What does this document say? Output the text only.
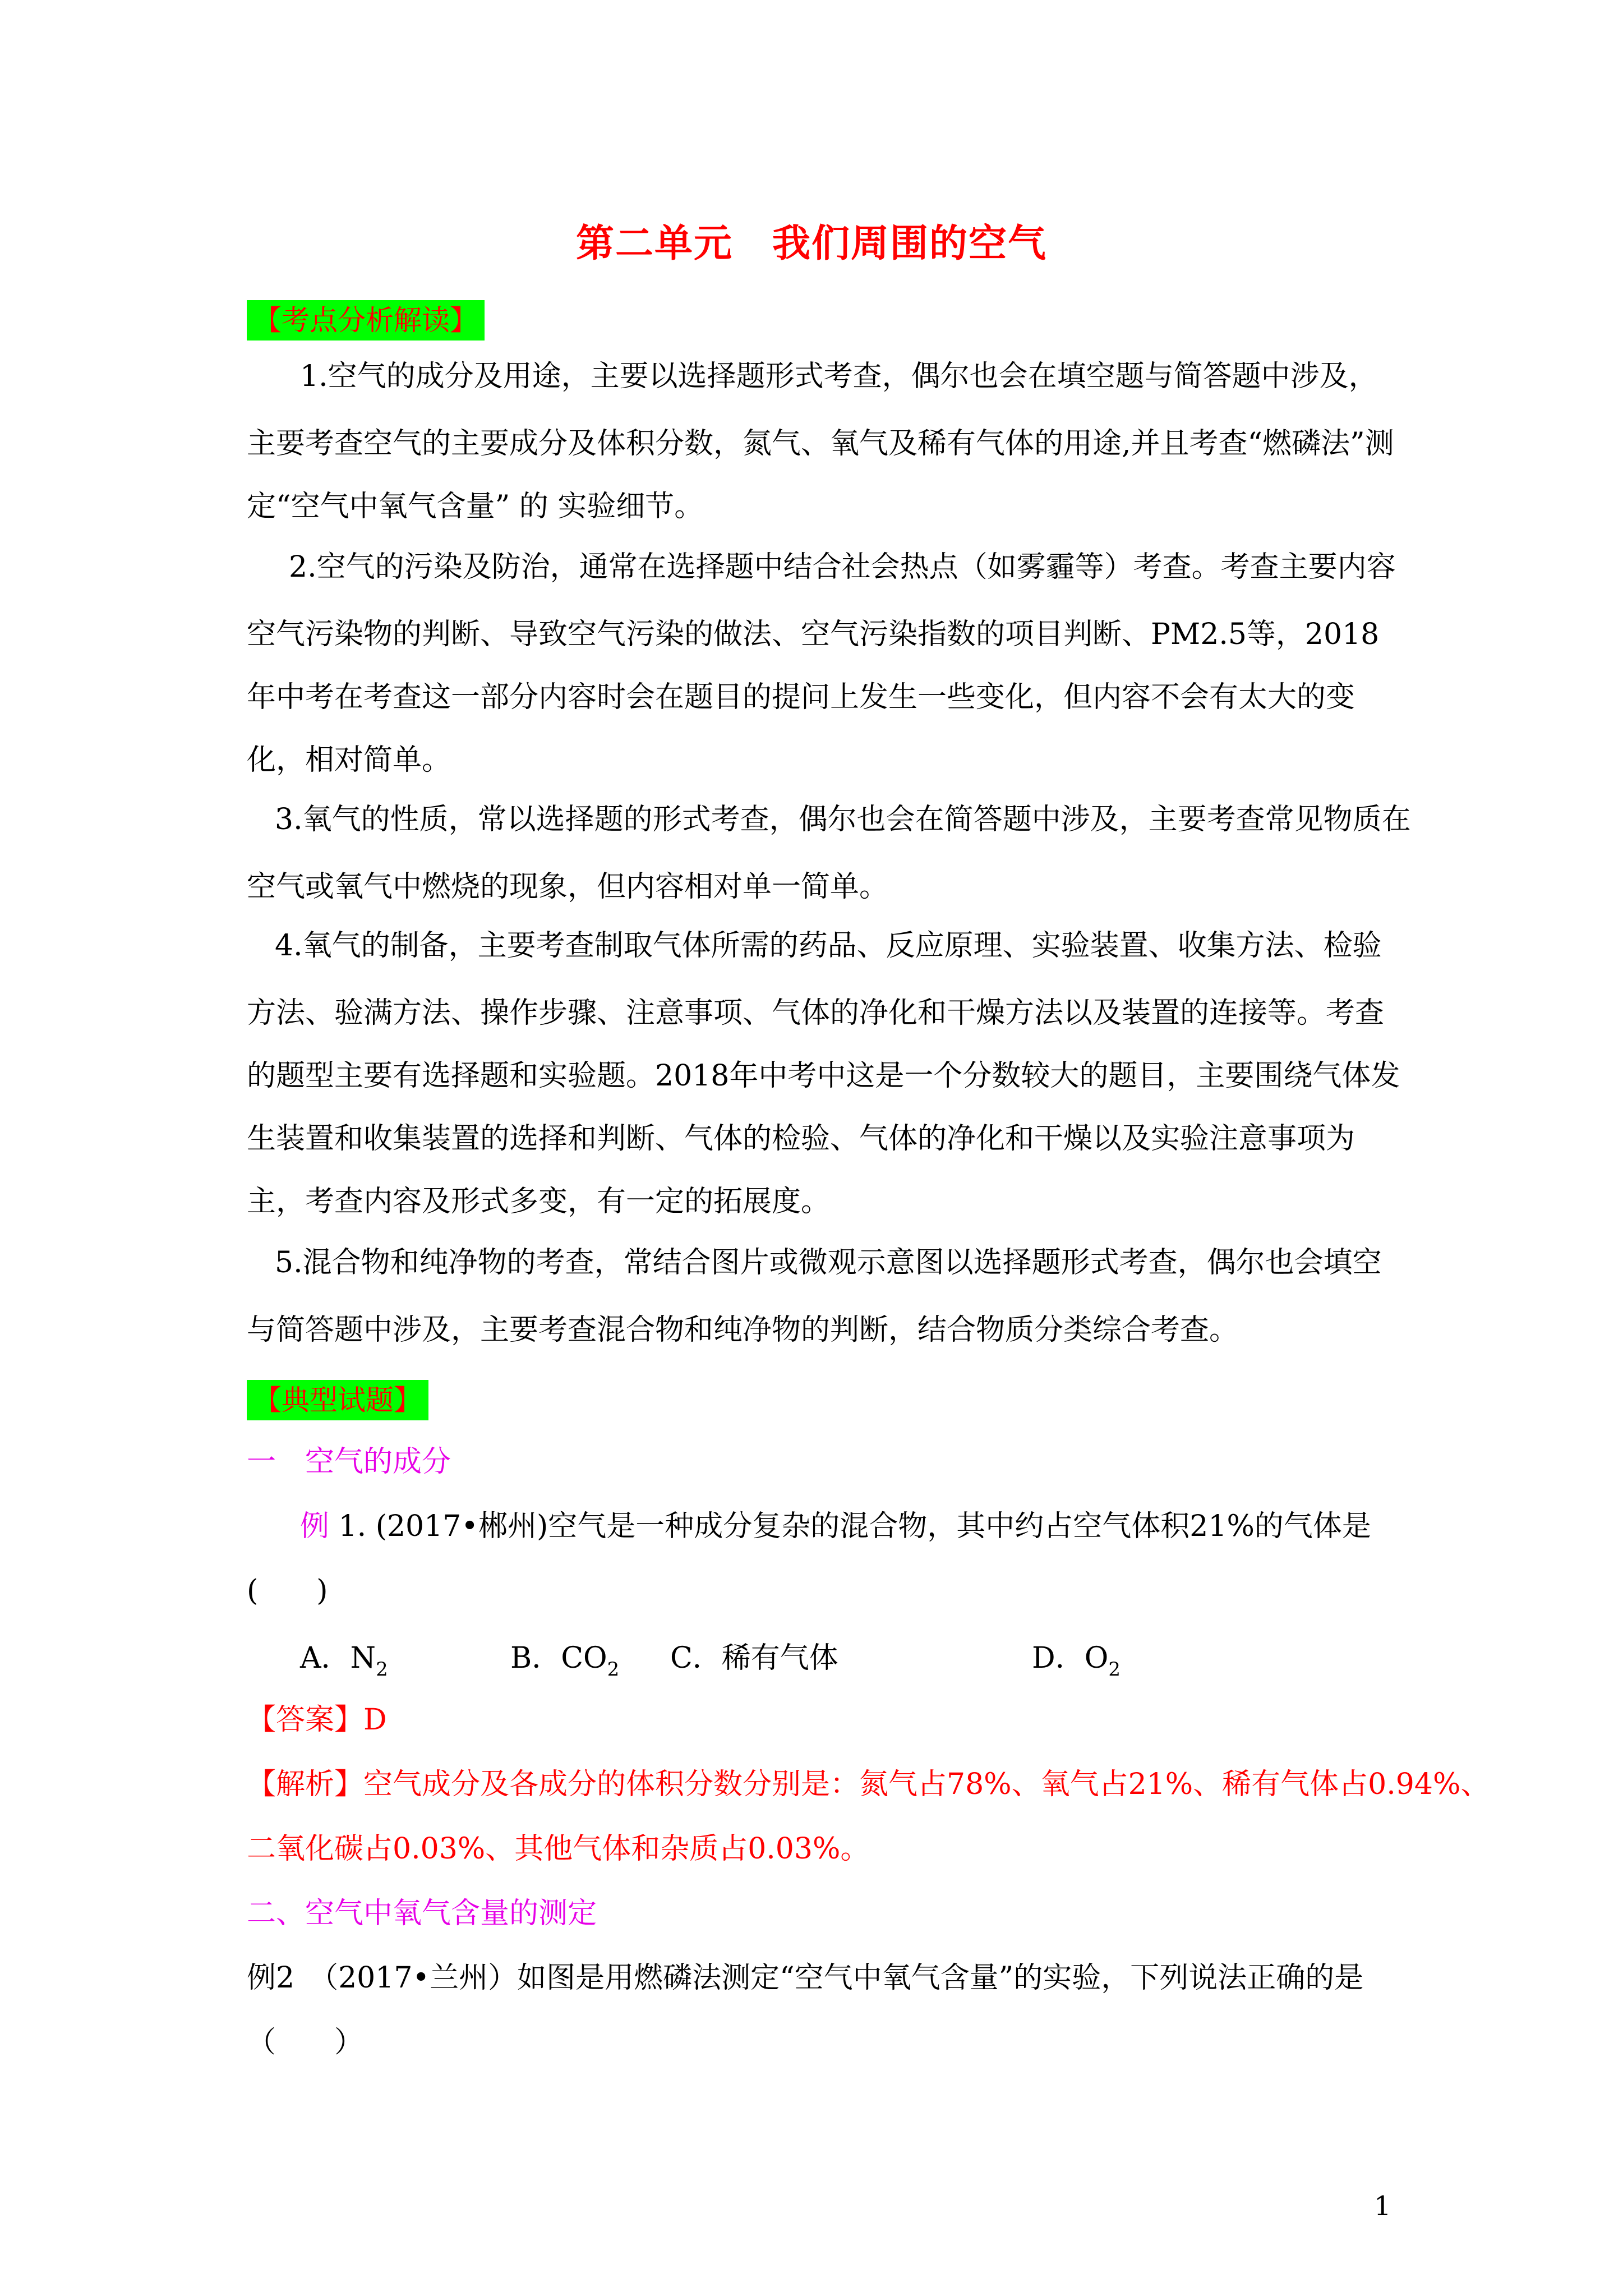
第二单元　我们周围的空气
【考点分析解读】
1.空气的成分及用途，主要以选择题形式考查，偶尔也会在填空题与简答题中涉及，

主要考查空气的主要成分及体积分数，氮气、氧气及稀有气体的用途,并且考查“燃磷法”测定“空气中氧气含量” 的 实验细节。

2.空气的污染及防治，通常在选择题中结合社会热点（如雾霾等）考查。考查主要内容

空气污染物的判断、导致空气污染的做法、空气污染指数的项目判断、PM2.5等，2018年中考在考查这一部分内容时会在题目的提问上发生一些变化，但内容不会有太大的变化，相对简单。

3.氧气的性质，常以选择题的形式考查，偶尔也会在简答题中涉及，主要考查常见物质在

空气或氧气中燃烧的现象，但内容相对单一简单。

4.氧气的制备，主要考查制取气体所需的药品、反应原理、实验装置、收集方法、检验

方法、验满方法、操作步骤、注意事项、气体的净化和干燥方法以及装置的连接等。考查的题型主要有选择题和实验题。2018年中考中这是一个分数较大的题目，主要围绕气体发生装置和收集装置的选择和判断、气体的检验、气体的净化和干燥以及实验注意事项为主，考查内容及形式多变，有一定的拓展度。

5.混合物和纯净物的考查，常结合图片或微观示意图以选择题形式考查，偶尔也会填空

与简答题中涉及，主要考查混合物和纯净物的判断，结合物质分类综合考查。

【典型试题】
一　空气的成分
例 1. (2017•郴州)空气是一种成分复杂的混合物，其中约占空气体积21%的气体是
(　　)
A．$N_2$	B．$CO_2$ C．稀有气体	D．$O_2$
【答案】D
【解析】空气成分及各成分的体积分数分别是：氮气占78%、氧气占21%、稀有气体占0.94%、
二氧化碳占0.03%、其他气体和杂质占0.03%。
二、空气中氧气含量的测定
例2　（2017•兰州）如图是用燃磷法测定“空气中氧气含量”的实验，下列说法正确的是
（　　）
1
